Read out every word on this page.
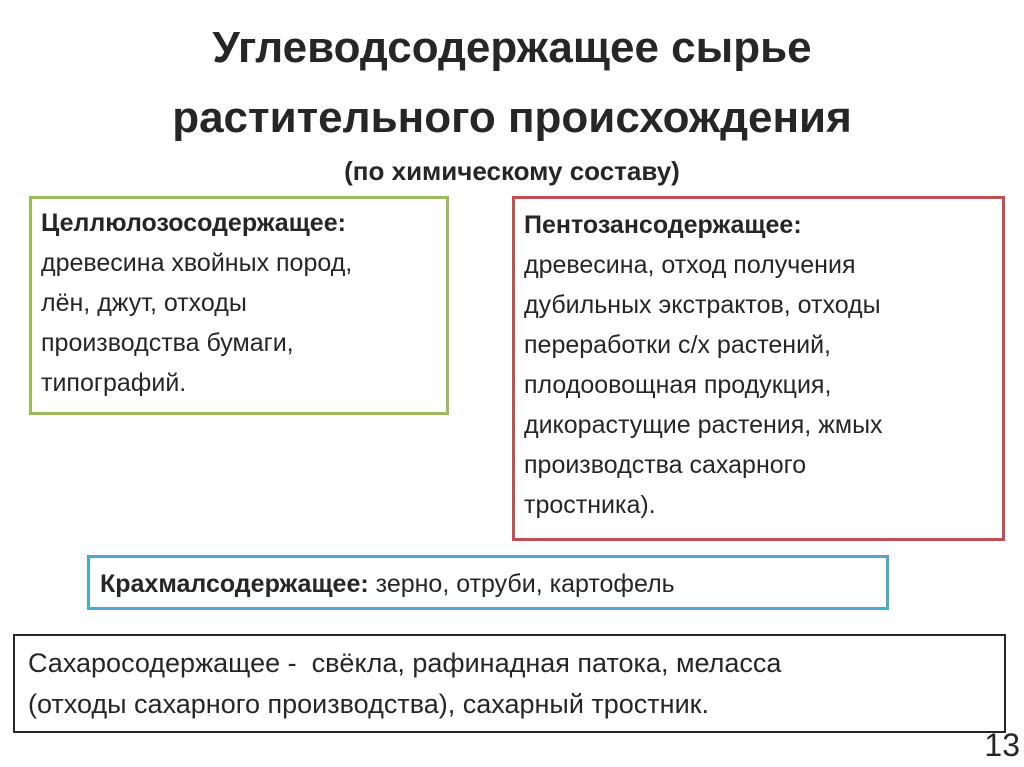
Углеводсодержащее сырье
растительного происхождения
(по химическому составу)
Целлюлозосодержащее:
древесина хвойных пород,
лён, джут, отходы
производства бумаги,
типографий.
Пентозансодержащее:
древесина, отход получения
дубильных экстрактов, отходы
переработки с/х растений,
плодоовощная продукция,
дикорастущие растения, жмых
производства сахарного
тростника).
Крахмалсодержащее: зерно, отруби, картофель
Сахаросодержащее -  свёкла, рафинадная патока, меласса
(отходы сахарного производства), сахарный тростник.
13
